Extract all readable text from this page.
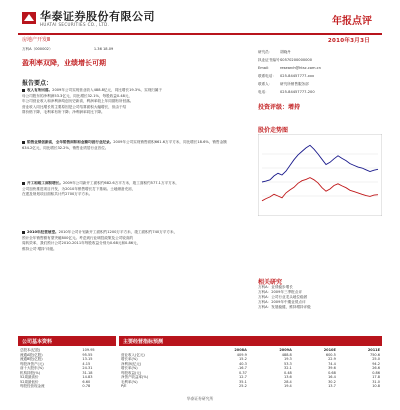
华泰证券股份有限公司
HUATAI SECURITIES CO., LTD.	年报点评
房地产开发Ⅲ	2010年3月3日
万科A（000002）　　　　　　　　　　　　1.36 18.09
盈利率双降，业绩增长可期
报告要点：
收入有所回落。2009年公司实现营业收入488.8亿元，同比增长19.3%，实现归属于
母公司股东的净利润53.3亿元，同比增长32.1%，每股收益0.48元，
年公司营业收入和净利润均创历史新高，利润率较上年同期有所回落。
营业收入同比增长的主要原因是公司结算面积大幅增长，但由于结
算价格下降，毛利率有所下降；净利润率同比下降。
销售业绩创新高，全年销售面积和金额均创行业纪录。2009年公司实现销售面积661.6万平方米，同比增长18.6%，销售金额
634.2亿元，同比增长32.2%，销售业绩居行业首位。
开工和竣工面积增长。2009年公司新开工面积约682.6万平方米，竣工面积约577.1万平方米，
公司加快推进项目开发，为2010年销售增长打下基础。土地储备充裕，
在建及规划项目面积共计约2700万平方米。
2010年经营展望。2010年公司计划新开工面积约1200万平方米，竣工面积约740万平方米，
预计全年销售额有望突破800亿元。考虑到行业调控政策及公司较高的
周转效率，我们预计公司2010-2011年每股收益分别为0.68元和0.86元，
维持公司‘增持’评级。
研究员：	胡晓丹
执业证书编号：
S0570200000000
Email：	research@htsc.com.cn
联系电话：	025-84457777-xxx
联系人：	研究所销售服务部
电话：	025-84457777-200
投资评级：增持
股价走势图
相关研究
万科A：业绩稳步增长
万科A：2009年三季报点评
万科A：公司行业龙头地位稳固
万科A：2009年中期业绩点评
万科A：发展稳健，维持增持评级
公司基本资料	主要经营指标预测
总股本(亿股)	109.95
流通A股(亿股)	95.55
流通B股(亿股)	13.15
每股净资产(元)	4.15
前十大股东(%)	24.31
机构持股(%)	31.18
52周最高价	14.83
52周最低价	6.60
每股经营现金流	0.78
	2008A	2009A	2010E	2011E
营业收入(亿元)	409.9	488.8	600.5	750.6
增长率(%)	15.2	19.3	22.9	25.0
净利润(亿元)	40.3	53.3	74.4	94.2
增长率(%)	-16.7	32.1	39.6	26.6
每股收益(元)	0.37	0.48	0.68	0.86
净资产收益率(%)	12.7	13.6	16.4	17.8
毛利率(%)	35.1	28.4	30.2	31.0
P/E	25.2	19.4	13.7	10.8
华泰证券研究所
